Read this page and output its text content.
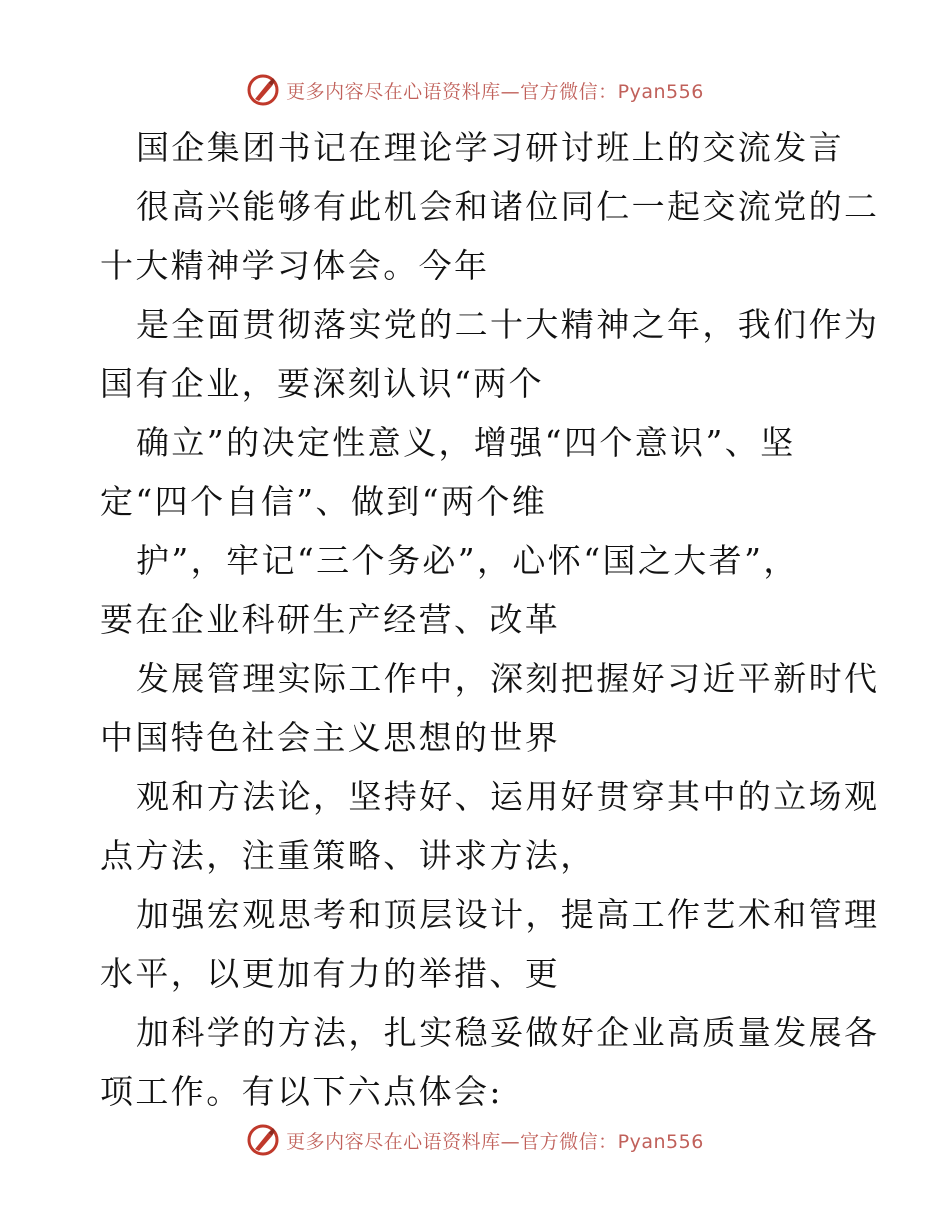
更多内容尽在心语资料库—官方微信：Pyan556
国企集团书记在理论学习研讨班上的交流发言
很高兴能够有此机会和诸位同仁一起交流党的二
十大精神学习体会。今年
是全面贯彻落实党的二十大精神之年，我们作为
国有企业，要深刻认识“两个
确立”的决定性意义，增强“四个意识”、坚
定“四个自信”、做到“两个维
护”，牢记“三个务必”，心怀“国之大者”，
要在企业科研生产经营、改革
发展管理实际工作中，深刻把握好习近平新时代
中国特色社会主义思想的世界
观和方法论，坚持好、运用好贯穿其中的立场观
点方法，注重策略、讲求方法，
加强宏观思考和顶层设计，提高工作艺术和管理
水平，以更加有力的举措、更
加科学的方法，扎实稳妥做好企业高质量发展各
项工作。有以下六点体会:
更多内容尽在心语资料库—官方微信：Pyan556
